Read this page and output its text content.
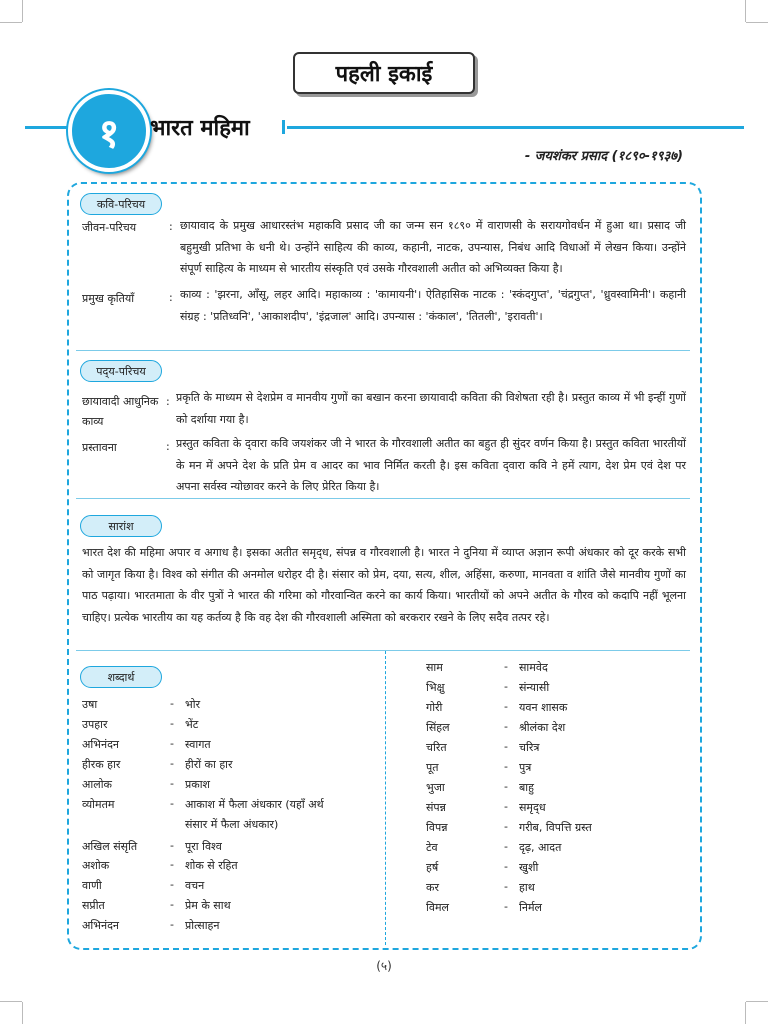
पहली इकाई
१	भारत महिमा
- जयशंकर प्रसाद (१८९०-१९३७)
कवि-परिचय
जीवन-परिचय	: छायावाद के प्रमुख आधारस्तंभ महाकवि प्रसाद जी का जन्म सन १८९० में वाराणसी के सरायगोवर्धन में हुआ था। प्रसाद जी बहुमुखी प्रतिभा के धनी थे। उन्होंने साहित्य की काव्य, कहानी, नाटक, उपन्यास, निबंध आदि विधाओं में लेखन किया। उन्होंने संपूर्ण साहित्य के माध्यम से भारतीय संस्कृति एवं उसके गौरवशाली अतीत को अभिव्यक्त किया है।
प्रमुख कृतियाँ	: काव्य : 'झरना, आँसू, लहर आदि। महाकाव्य : 'कामायनी'। ऐतिहासिक नाटक : 'स्कंदगुप्त', 'चंद्रगुप्त', 'ध्रुवस्वामिनी'। कहानी संग्रह : 'प्रतिध्वनि', 'आकाशदीप', 'इंद्रजाल' आदि। उपन्यास : 'कंकाल', 'तितली', 'इरावती'।
पद्‌य-परिचय
छायावादी आधुनिक काव्य
: प्रकृति के माध्यम से देशप्रेम व मानवीय गुणों का बखान करना छायावादी कविता की विशेषता रही है। प्रस्तुत काव्य में भी इन्हीं गुणों को दर्शाया गया है।
प्रस्तावना	: प्रस्तुत कविता के द्‌वारा कवि जयशंकर जी ने भारत के गौरवशाली अतीत का बहुत ही सुंदर वर्णन किया है। प्रस्तुत कविता भारतीयों के मन में अपने देश के प्रति प्रेम व आदर का भाव निर्मित करती है। इस कविता द्‌वारा कवि ने हमें त्याग, देश प्रेम एवं देश पर अपना सर्वस्व न्योछावर करने के लिए प्रेरित किया है।
सारांश
भारत देश की महिमा अपार व अगाध है। इसका अतीत समृद्‌ध, संपन्न व गौरवशाली है। भारत ने दुनिया में व्याप्त अज्ञान रूपी अंधकार को दूर करके सभी को जागृत किया है। विश्व को संगीत की अनमोल धरोहर दी है। संसार को प्रेम, दया, सत्य, शील, अहिंसा, करुणा, मानवता व शांति जैसे मानवीय गुणों का पाठ पढ़ाया। भारतमाता के वीर पुत्रों ने भारत की गरिमा को गौरवान्वित करने का कार्य किया। भारतीयों को अपने अतीत के गौरव को कदापि नहीं भूलना चाहिए। प्रत्येक भारतीय का यह कर्तव्य है कि वह देश की गौरवशाली अस्मिता को बरकरार रखने के लिए सदैव तत्पर रहे।
शब्दार्थ
उषा	- भोर
उपहार	- भेंट
अभिनंदन	- स्वागत
हीरक हार	- हीरों का हार
आलोक	- प्रकाश
व्योमतम	- आकाश में फैला अंधकार (यहाँ अर्थ
संसार में फैला अंधकार)
अखिल संसृति	- पूरा विश्व
अशोक	- शोक से रहित
वाणी	- वचन
सप्रीत	- प्रेम के साथ
अभिनंदन	- प्रोत्साहन
साम	- सामवेद
भिक्षु	- संन्यासी
गोरी	- यवन शासक
सिंहल	- श्रीलंका देश
चरित	- चरित्र
पूत	- पुत्र
भुजा	- बाहु
संपन्न	- समृद्‌ध
विपन्न	- गरीब, विपत्ति ग्रस्त
टेव	- दृढ़, आदत
हर्ष	- खुशी
कर	- हाथ
विमल	- निर्मल
(५)
